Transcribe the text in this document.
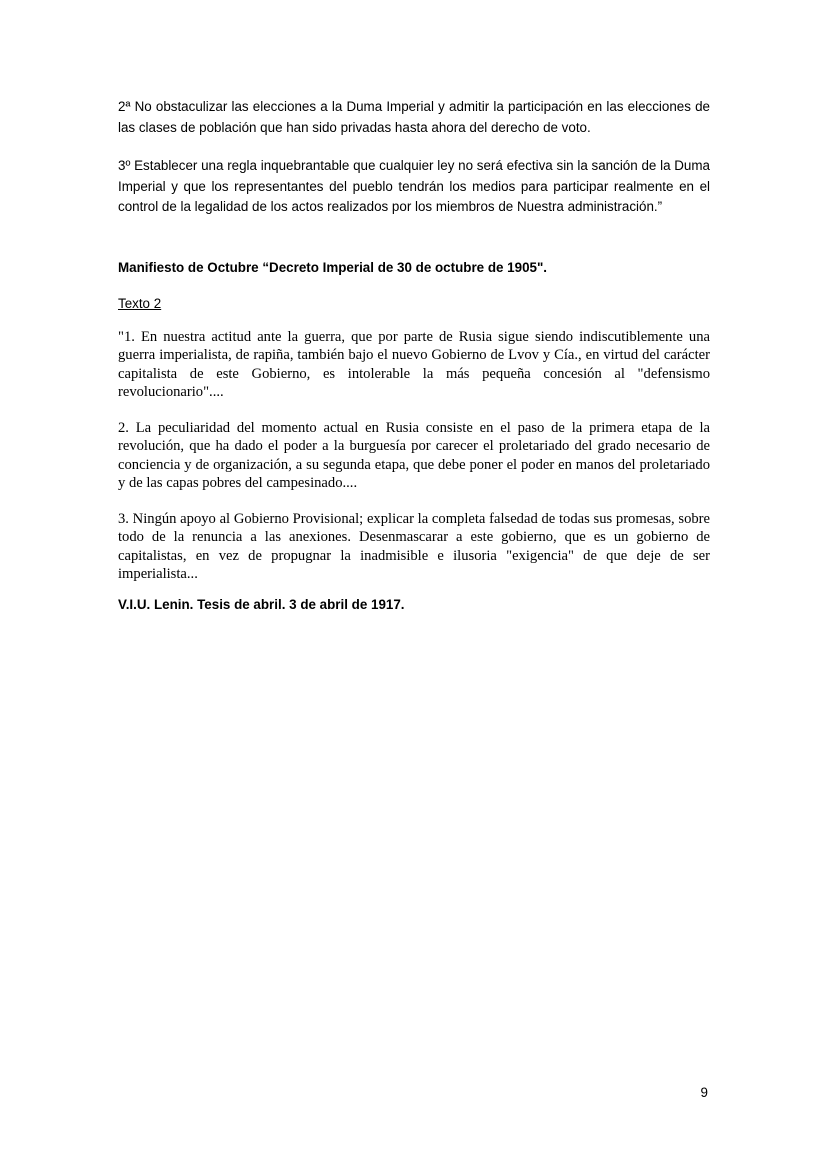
2ª No obstaculizar las elecciones a la Duma Imperial y admitir la participación en las elecciones de las clases de población que han sido privadas hasta ahora del derecho de voto.

3º Establecer una regla inquebrantable que cualquier ley no será efectiva sin la sanción de la Duma Imperial y que los representantes del pueblo tendrán los medios para participar realmente en el control de la legalidad de los actos realizados por los miembros de Nuestra administración.”

Manifiesto de Octubre “Decreto Imperial de 30 de octubre de 1905".

Texto 2

"1. En nuestra actitud ante la guerra, que por parte de Rusia sigue siendo indiscutiblemente una guerra imperialista, de rapiña, también bajo el nuevo Gobierno de Lvov y Cía., en virtud del carácter capitalista de este Gobierno, es intolerable la más pequeña concesión al "defensismo revolucionario"....

2. La peculiaridad del momento actual en Rusia consiste en el paso de la primera etapa de la revolución, que ha dado el poder a la burguesía por carecer el proletariado del grado necesario de conciencia y de organización, a su segunda etapa, que debe poner el poder en manos del proletariado y de las capas pobres del campesinado....

3. Ningún apoyo al Gobierno Provisional; explicar la completa falsedad de todas sus promesas, sobre todo de la renuncia a las anexiones. Desenmascarar a este gobierno, que es un gobierno de capitalistas, en vez de propugnar la inadmisible e ilusoria "exigencia" de que deje de ser imperialista...

V.I.U. Lenin. Tesis de abril. 3 de abril de 1917.

9
